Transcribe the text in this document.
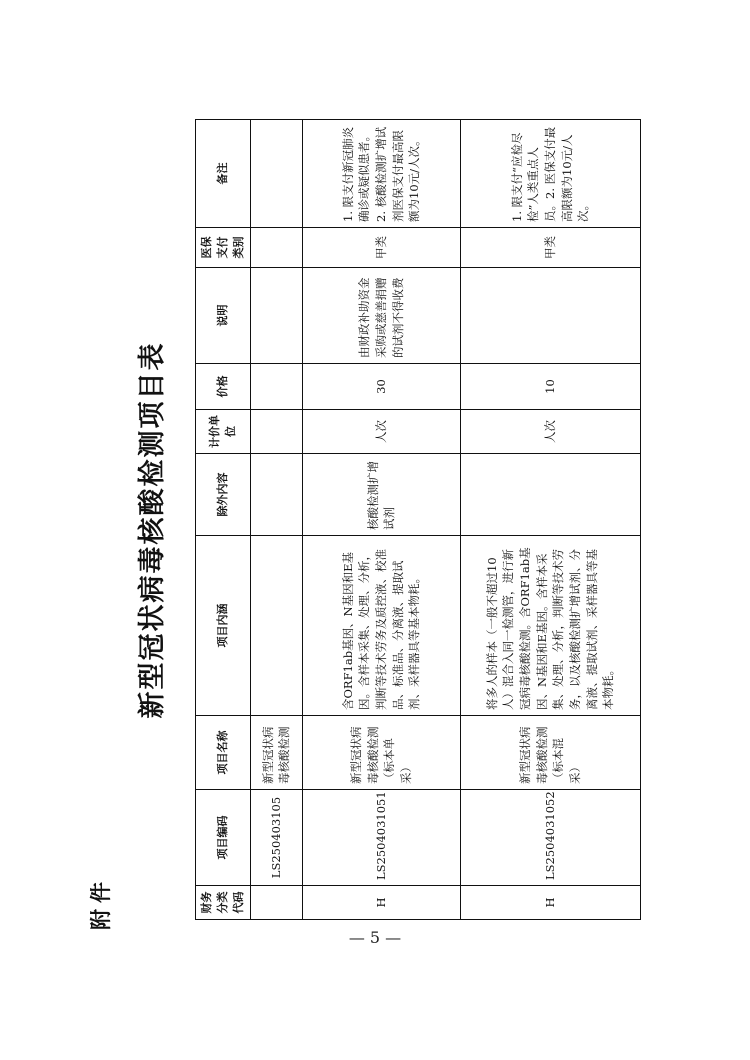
附件
新型冠状病毒核酸检测项目表
财务分类代码	项目编码	项目名称	项目内涵	除外内容	计价单位	价格	说明	医保支付类别	备注
	LS250403105	新型冠状病毒核酸检测							
H	LS2504031051	新型冠状病毒核酸检测（标本单采）	含ORF1ab基因、N基因和E基因。含样本采集、处理、分析，判断等技术劳务及质控液、校准品、标准品、分离液、提取试剂、采样器具等基本物耗。	核酸检测扩增试剂	人次	30	由财政补助资金采购或慈善捐赠的试剂不得收费	甲类	1. 限支付新冠肺炎确诊或疑似患者。2. 核酸检测扩增试剂医保支付最高限额为10元/人次。
H	LS2504031052	新型冠状病毒核酸检测（标本混采）	将多人的样本（一般不超过10人）混合入同一检测管，进行新冠病毒核酸检测。含ORF1ab基因、N基因和E基因。含样本采集、处理、分析，判断等技术劳务，以及核酸检测扩增试剂、分离液、提取试剂、采样器具等基本物耗。		人次	10		甲类	1. 限支付“应检尽检”人类重点人员。2. 医保支付最高限额为10元/人次。
— 5 —
